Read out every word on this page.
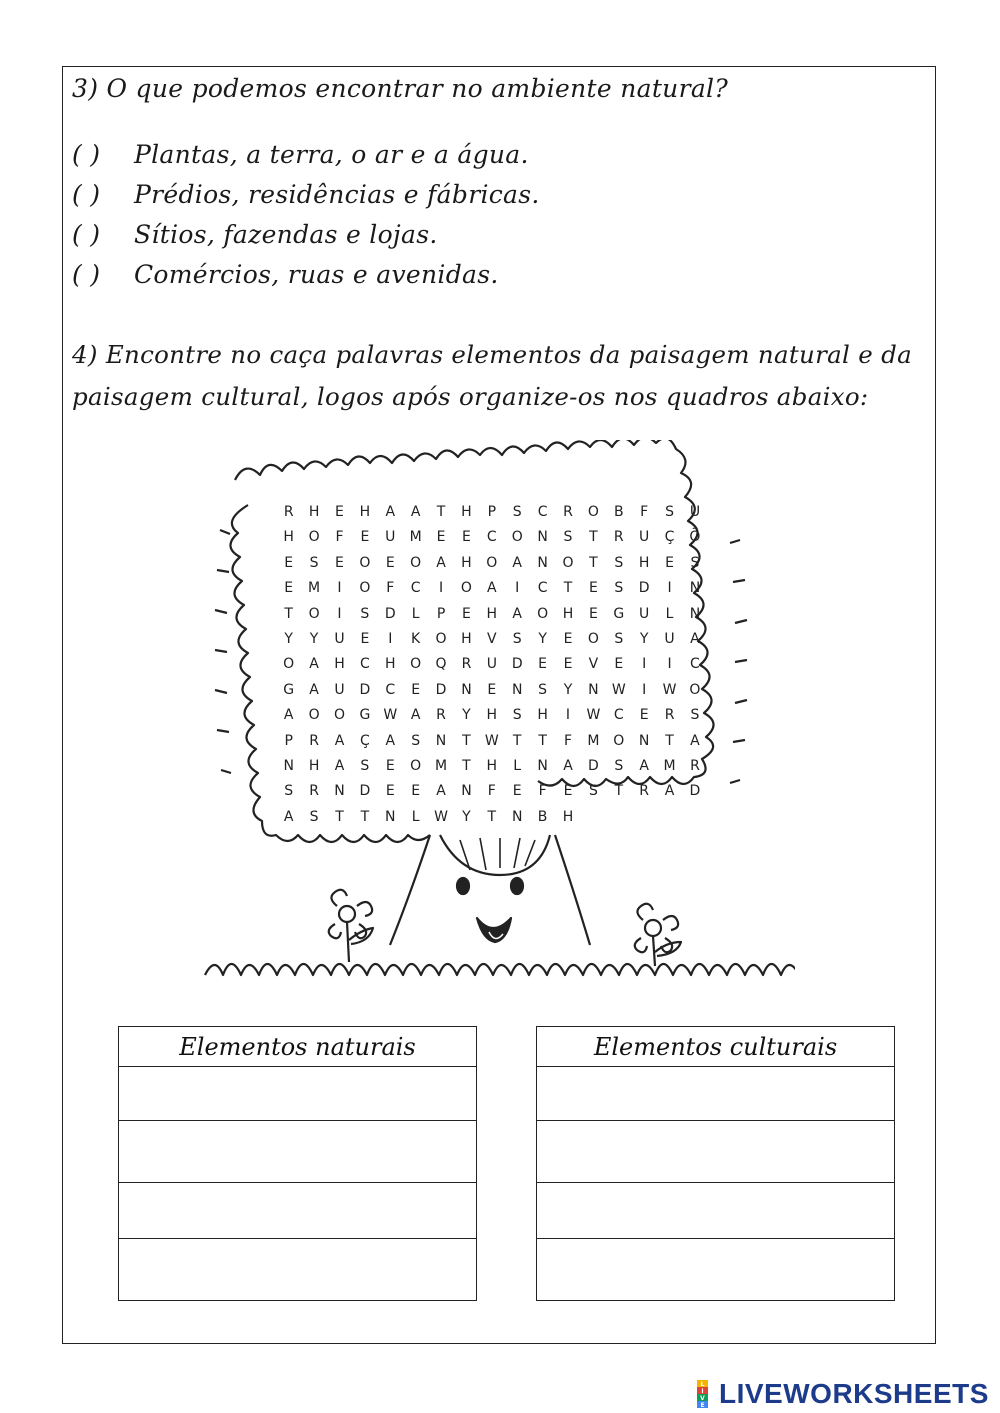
3) O que podemos encontrar no ambiente natural?
( ) Plantas, a terra, o ar e a água.
( ) Prédios, residências e fábricas.
( ) Sítios, fazendas e lojas.
( ) Comércios, ruas e avenidas.
4) Encontre no caça palavras elementos da paisagem natural e da
paisagem cultural, logos após organize-os nos quadros abaixo:
R	H	E	H	A	A	T	H	P	S	C	R	O	B	F	S	U
H	O	F	E	U	M	E	E	C	O	N	S	T	R	U	Ç	Õ
E	S	E	O	E	O	A	H	O	A	N	O	T	S	H	E	S
E	M	I	O	F	C	I	O	A	I	C	T	E	S	D	I	N
T	O	I	S	D	L	P	E	H	A	O	H	E	G	U	L	N
Y	Y	U	E	I	K	O	H	V	S	Y	E	O	S	Y	U	A
O	A	H	C	H	O	Q	R	U	D	E	E	V	E	I	I	C
G	A	U	D	C	E	D	N	E	N	S	Y	N W	I	W O
A	O	O	G W A	R	Y	H	S	H	I	W C	E	R	S
P	R	A	Ç	A	S	N	T	W	T	T	F	M O	N	T	A
N	H	A	S	E	O M	T	H	L	N	A	D	S	A	M	R
S	R	N	D	E	E	A	N	F	E	F	E	S	T	R	A	D
A	S	T	T	N	L	W	Y	T	N	B	H
Elementos naturais	Elementos culturais
L
I
V
E LIVEWORKSHEETS
